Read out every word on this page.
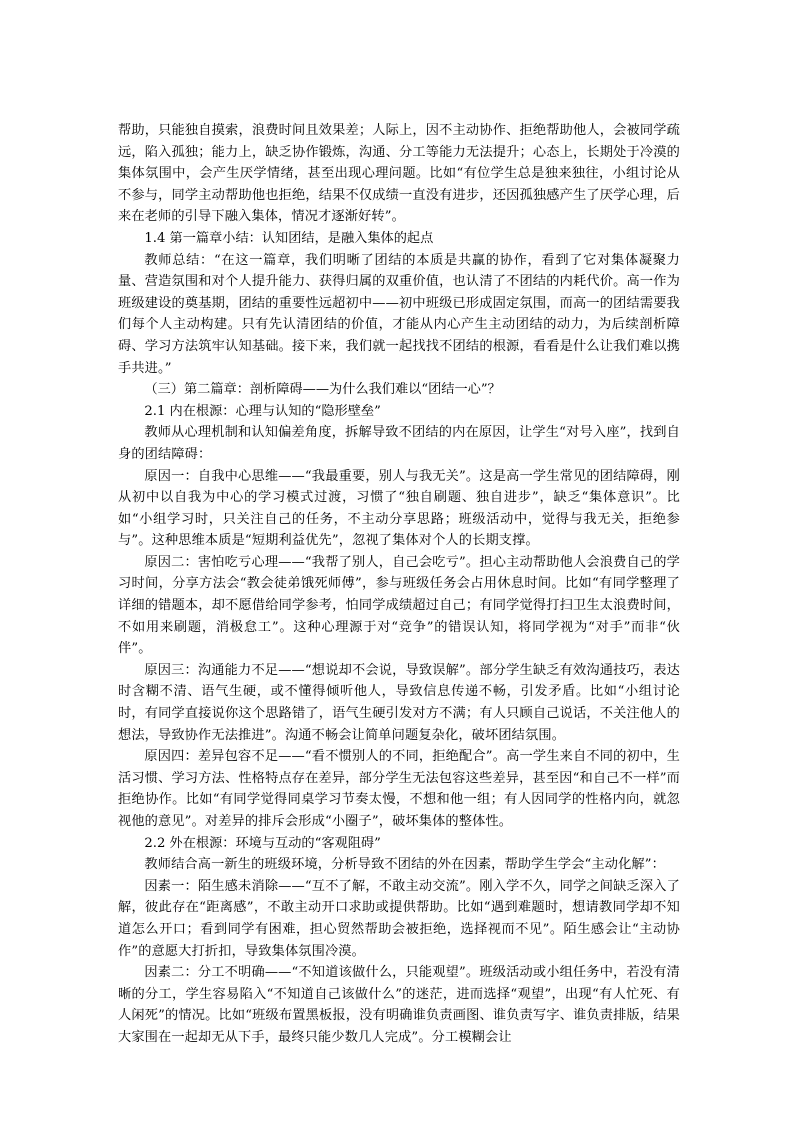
帮助，只能独自摸索，浪费时间且效果差；人际上，因不主动协作、拒绝帮助他人，会被同学疏远，陷入孤独；能力上，缺乏协作锻炼，沟通、分工等能力无法提升；心态上，长期处于冷漠的集体氛围中，会产生厌学情绪，甚至出现心理问题。比如“有位学生总是独来独往，小组讨论从不参与，同学主动帮助他也拒绝，结果不仅成绩一直没有进步，还因孤独感产生了厌学心理，后来在老师的引导下融入集体，情况才逐渐好转”。

1.4 第一篇章小结：认知团结，是融入集体的起点

教师总结：“在这一篇章，我们明晰了团结的本质是共赢的协作，看到了它对集体凝聚力量、营造氛围和对个人提升能力、获得归属的双重价值，也认清了不团结的内耗代价。高一作为班级建设的奠基期，团结的重要性远超初中——初中班级已形成固定氛围，而高一的团结需要我们每个人主动构建。只有先认清团结的价值，才能从内心产生主动团结的动力，为后续剖析障碍、学习方法筑牢认知基础。接下来，我们就一起找找不团结的根源，看看是什么让我们难以携手共进。”

（三）第二篇章：剖析障碍——为什么我们难以“团结一心”？

2.1 内在根源：心理与认知的“隐形壁垒”

教师从心理机制和认知偏差角度，拆解导致不团结的内在原因，让学生“对号入座”，找到自身的团结障碍：

原因一：自我中心思维——“我最重要，别人与我无关”。这是高一学生常见的团结障碍，刚从初中以自我为中心的学习模式过渡，习惯了“独自刷题、独自进步”，缺乏“集体意识”。比如“小组学习时，只关注自己的任务，不主动分享思路；班级活动中，觉得与我无关，拒绝参与”。这种思维本质是“短期利益优先”，忽视了集体对个人的长期支撑。

原因二：害怕吃亏心理——“我帮了别人，自己会吃亏”。担心主动帮助他人会浪费自己的学习时间，分享方法会“教会徒弟饿死师傅”，参与班级任务会占用休息时间。比如“有同学整理了详细的错题本，却不愿借给同学参考，怕同学成绩超过自己；有同学觉得打扫卫生太浪费时间，不如用来刷题，消极怠工”。这种心理源于对“竞争”的错误认知，将同学视为“对手”而非“伙伴”。

原因三：沟通能力不足——“想说却不会说，导致误解”。部分学生缺乏有效沟通技巧，表达时含糊不清、语气生硬，或不懂得倾听他人，导致信息传递不畅，引发矛盾。比如“小组讨论时，有同学直接说你这个思路错了，语气生硬引发对方不满；有人只顾自己说话，不关注他人的想法，导致协作无法推进”。沟通不畅会让简单问题复杂化，破坏团结氛围。

原因四：差异包容不足——“看不惯别人的不同，拒绝配合”。高一学生来自不同的初中，生活习惯、学习方法、性格特点存在差异，部分学生无法包容这些差异，甚至因“和自己不一样”而拒绝协作。比如“有同学觉得同桌学习节奏太慢，不想和他一组；有人因同学的性格内向，就忽视他的意见”。对差异的排斥会形成“小圈子”，破坏集体的整体性。

2.2 外在根源：环境与互动的“客观阻碍”

教师结合高一新生的班级环境，分析导致不团结的外在因素，帮助学生学会“主动化解”：

因素一：陌生感未消除——“互不了解，不敢主动交流”。刚入学不久，同学之间缺乏深入了解，彼此存在“距离感”，不敢主动开口求助或提供帮助。比如“遇到难题时，想请教同学却不知道怎么开口；看到同学有困难，担心贸然帮助会被拒绝，选择视而不见”。陌生感会让“主动协作”的意愿大打折扣，导致集体氛围冷漠。

因素二：分工不明确——“不知道该做什么，只能观望”。班级活动或小组任务中，若没有清晰的分工，学生容易陷入“不知道自己该做什么”的迷茫，进而选择“观望”，出现“有人忙死、有人闲死”的情况。比如“班级布置黑板报，没有明确谁负责画图、谁负责写字、谁负责排版，结果大家围在一起却无从下手，最终只能少数几人完成”。分工模糊会让
